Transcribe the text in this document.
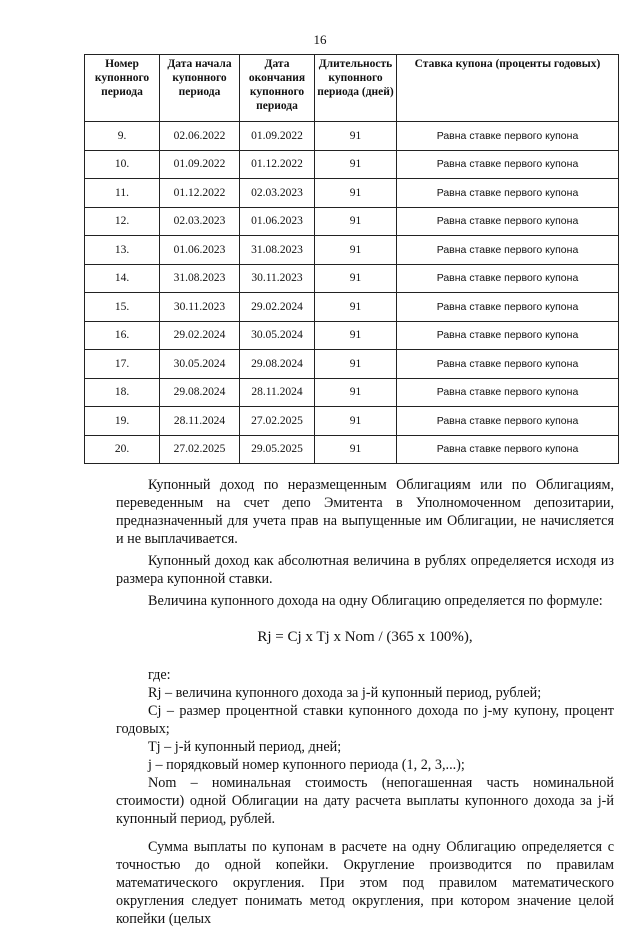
16
Номер купонного периода	Дата начала купонного периода	Дата окончания купонного периода	Длительность купонного периода (дней)	Ставка купона (проценты годовых)
9.	02.06.2022	01.09.2022	91	Равна ставке первого купона
10.	01.09.2022	01.12.2022	91	Равна ставке первого купона
11.	01.12.2022	02.03.2023	91	Равна ставке первого купона
12.	02.03.2023	01.06.2023	91	Равна ставке первого купона
13.	01.06.2023	31.08.2023	91	Равна ставке первого купона
14.	31.08.2023	30.11.2023	91	Равна ставке первого купона
15.	30.11.2023	29.02.2024	91	Равна ставке первого купона
16.	29.02.2024	30.05.2024	91	Равна ставке первого купона
17.	30.05.2024	29.08.2024	91	Равна ставке первого купона
18.	29.08.2024	28.11.2024	91	Равна ставке первого купона
19.	28.11.2024	27.02.2025	91	Равна ставке первого купона
20.	27.02.2025	29.05.2025	91	Равна ставке первого купона

Купонный доход по неразмещенным Облигациям или по Облигациям, переведенным на счет депо Эмитента в Уполномоченном депозитарии, предназначенный для учета прав на выпущенные им Облигации, не начисляется и не выплачивается.

Купонный доход как абсолютная величина в рублях определяется исходя из размера купонной ставки.

Величина купонного дохода на одну Облигацию определяется по формуле:

Rj = Cj x Tj x Nom / (365 x 100%),

где:

Rj – величина купонного дохода за j-й купонный период, рублей;

Cj – размер процентной ставки купонного дохода по j-му купону, процент годовых;

Tj – j-й купонный период, дней;

j – порядковый номер купонного периода (1, 2, 3,...);

Nom – номинальная стоимость (непогашенная часть номинальной стоимости) одной Облигации на дату расчета выплаты купонного дохода за j-й купонный период, рублей.

Сумма выплаты по купонам в расчете на одну Облигацию определяется с точностью до одной копейки. Округление производится по правилам математического округления. При этом под правилом математического округления следует понимать метод округления, при котором значение целой копейки (целых
